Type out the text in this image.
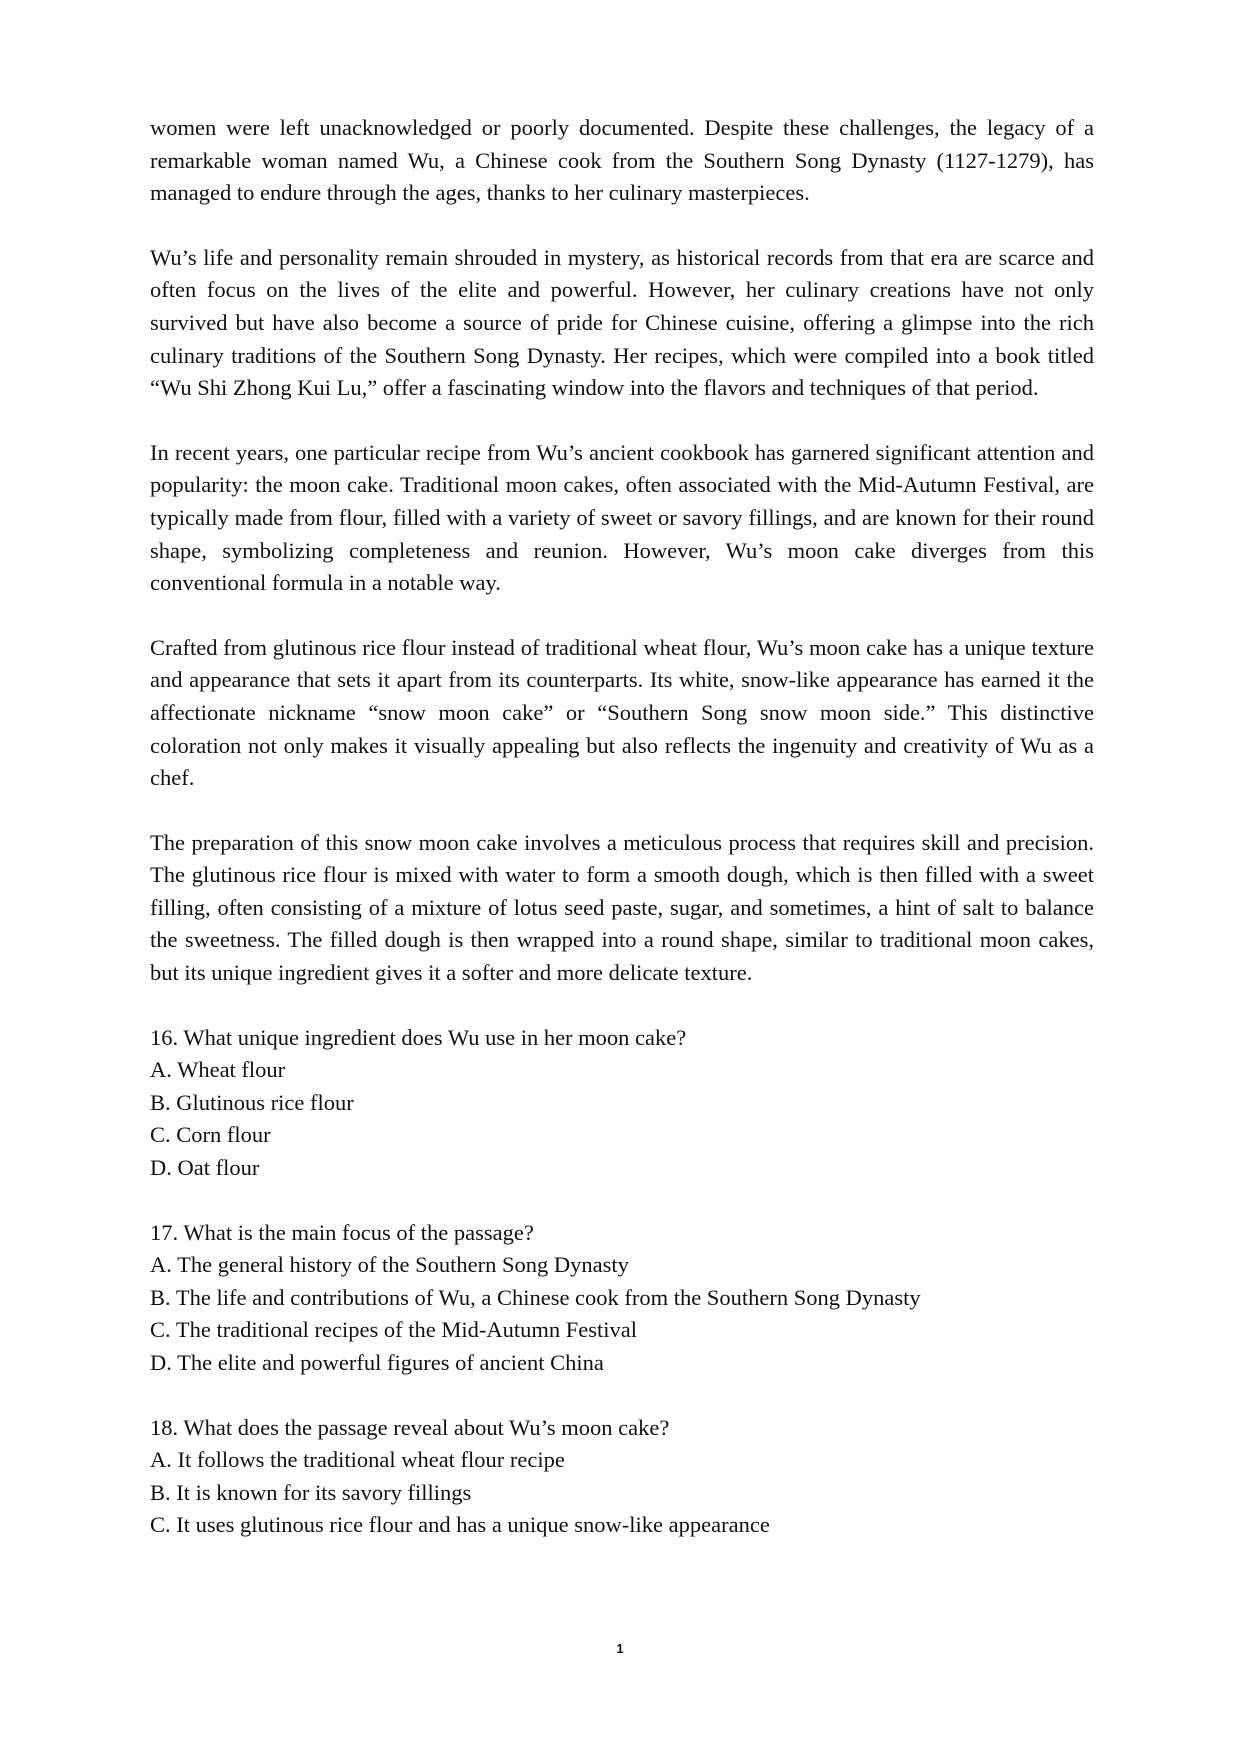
women were left unacknowledged or poorly documented. Despite these challenges, the legacy of a remarkable woman named Wu, a Chinese cook from the Southern Song Dynasty (1127-1279), has managed to endure through the ages, thanks to her culinary masterpieces.

Wu’s life and personality remain shrouded in mystery, as historical records from that era are scarce and often focus on the lives of the elite and powerful. However, her culinary creations have not only survived but have also become a source of pride for Chinese cuisine, offering a glimpse into the rich culinary traditions of the Southern Song Dynasty. Her recipes, which were compiled into a book titled “Wu Shi Zhong Kui Lu,” offer a fascinating window into the flavors and techniques of that period.

In recent years, one particular recipe from Wu’s ancient cookbook has garnered significant attention and popularity: the moon cake. Traditional moon cakes, often associated with the Mid-Autumn Festival, are typically made from flour, filled with a variety of sweet or savory fillings, and are known for their round shape, symbolizing completeness and reunion. However, Wu’s moon cake diverges from this conventional formula in a notable way.

Crafted from glutinous rice flour instead of traditional wheat flour, Wu’s moon cake has a unique texture and appearance that sets it apart from its counterparts. Its white, snow-like appearance has earned it the affectionate nickname “snow moon cake” or “Southern Song snow moon side.” This distinctive coloration not only makes it visually appealing but also reflects the ingenuity and creativity of Wu as a chef.

The preparation of this snow moon cake involves a meticulous process that requires skill and precision. The glutinous rice flour is mixed with water to form a smooth dough, which is then filled with a sweet filling, often consisting of a mixture of lotus seed paste, sugar, and sometimes, a hint of salt to balance the sweetness. The filled dough is then wrapped into a round shape, similar to traditional moon cakes, but its unique ingredient gives it a softer and more delicate texture.

16. What unique ingredient does Wu use in her moon cake?
A. Wheat flour
B. Glutinous rice flour
C. Corn flour
D. Oat flour
17. What is the main focus of the passage?
A. The general history of the Southern Song Dynasty
B. The life and contributions of Wu, a Chinese cook from the Southern Song Dynasty
C. The traditional recipes of the Mid-Autumn Festival
D. The elite and powerful figures of ancient China
18. What does the passage reveal about Wu’s moon cake?
A. It follows the traditional wheat flour recipe
B. It is known for its savory fillings
C. It uses glutinous rice flour and has a unique snow-like appearance
1
